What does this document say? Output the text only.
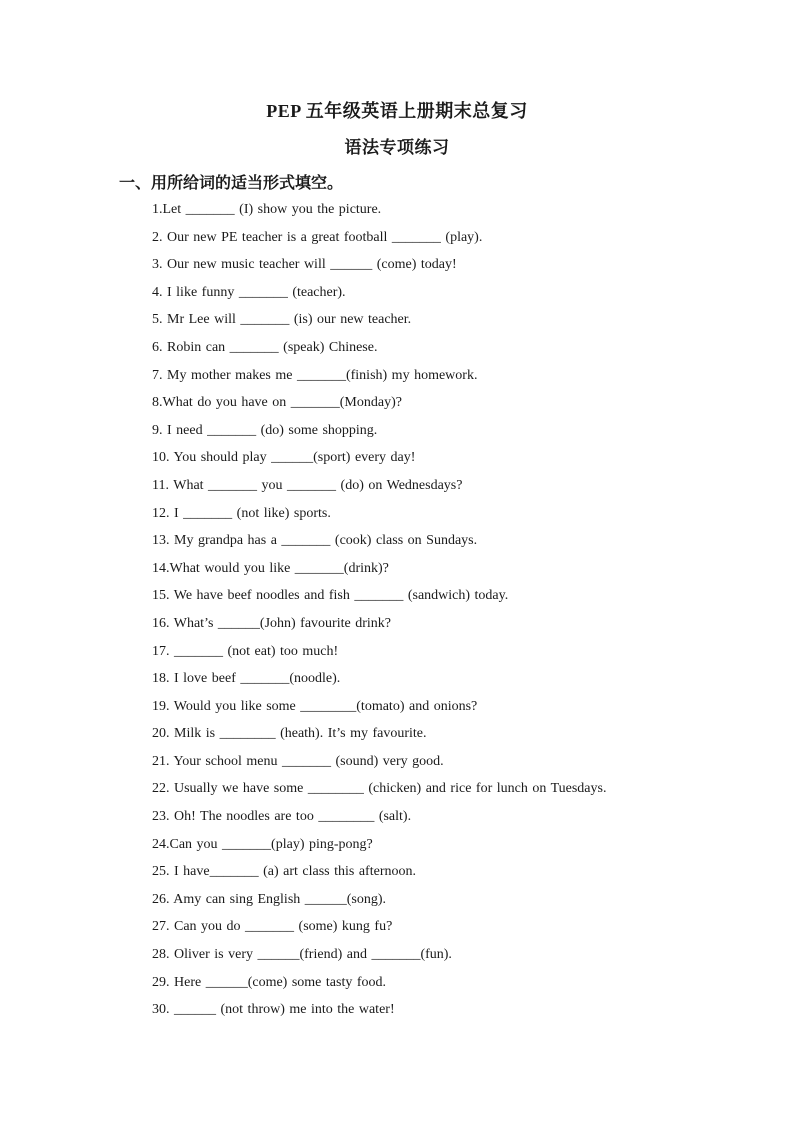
PEP 五年级英语上册期末总复习
语法专项练习
一、用所给词的适当形式填空。
1.Let _______ (I) show you the picture.
2. Our new PE teacher is a great football _______ (play).
3. Our new music teacher will ______ (come) today!
4. I like funny _______ (teacher).
5. Mr Lee will _______ (is) our new teacher.
6. Robin can _______ (speak) Chinese.
7. My mother makes me _______(finish) my homework.
8.What do you have on _______(Monday)?
9. I need _______ (do) some shopping.
10. You should play ______(sport) every day!
11. What _______ you _______ (do) on Wednesdays?
12. I _______ (not like) sports.
13. My grandpa has a _______ (cook) class on Sundays.
14.What would you like _______(drink)?
15. We have beef noodles and fish _______ (sandwich) today.
16. What’s ______(John) favourite drink?
17. _______ (not eat) too much!
18. I love beef _______(noodle).
19. Would you like some ________(tomato) and onions?
20. Milk is ________ (heath). It’s my favourite.
21. Your school menu _______ (sound) very good.
22. Usually we have some ________ (chicken) and rice for lunch on Tuesdays.
23. Oh! The noodles are too ________ (salt).
24.Can you _______(play) ping-pong?
25. I have_______ (a) art class this afternoon.
26. Amy can sing English ______(song).
27. Can you do _______ (some) kung fu?
28. Oliver is very ______(friend) and _______(fun).
29. Here ______(come) some tasty food.
30. ______ (not throw) me into the water!
